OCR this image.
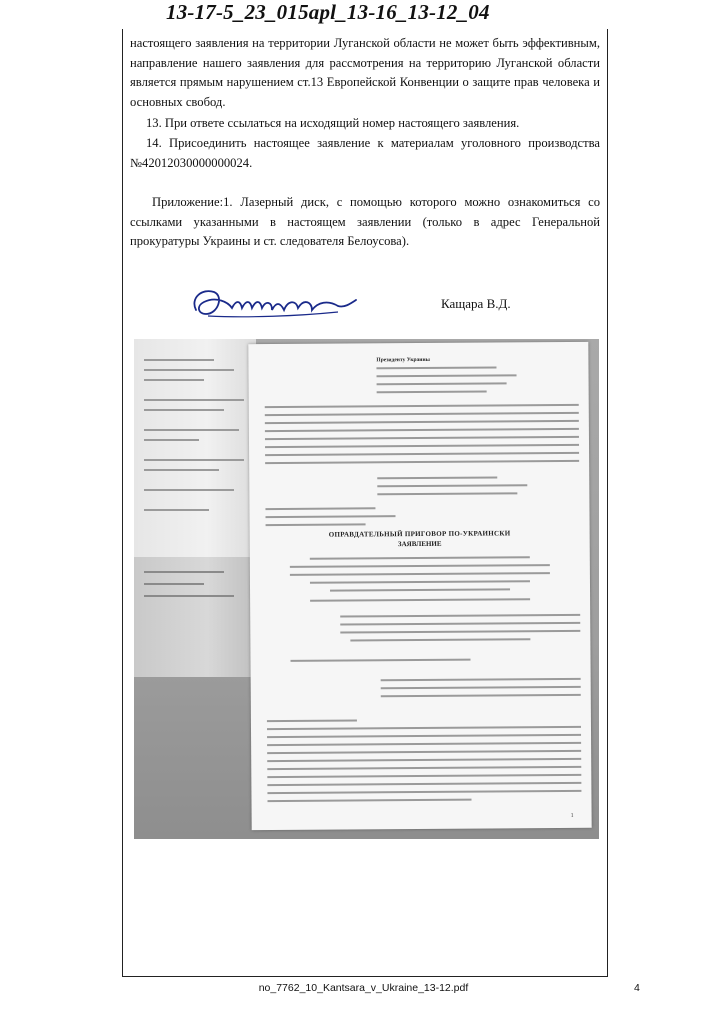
13-17-5_23_015apl_13-16_13-12_04
настоящего заявления на территории Луганской области не может быть эффективным, направление нашего заявления для рассмотрения на территорию Луганской области является прямым нарушением ст.13 Европейской Конвенции о защите прав человека и основных свобод.
13. При ответе ссылаться на исходящий номер настоящего заявления.
14. Присоединить настоящее заявление к материалам уголовного производства №42012030000000024.
Приложение:1. Лазерный диск, с помощью которого можно ознакомиться со ссылками указанными в настоящем заявлении (только в адрес Генеральной прокуратуры Украины и ст. следователя Белоусова).
Кащара В.Д.
Президенту Украины
ОПРАВДАТЕЛЬНЫЙ ПРИГОВОР ПО-УКРАИНСКИ
ЗАЯВЛЕНИЕ
1
no_7762_10_Kantsara_v_Ukraine_13-12.pdf	4
